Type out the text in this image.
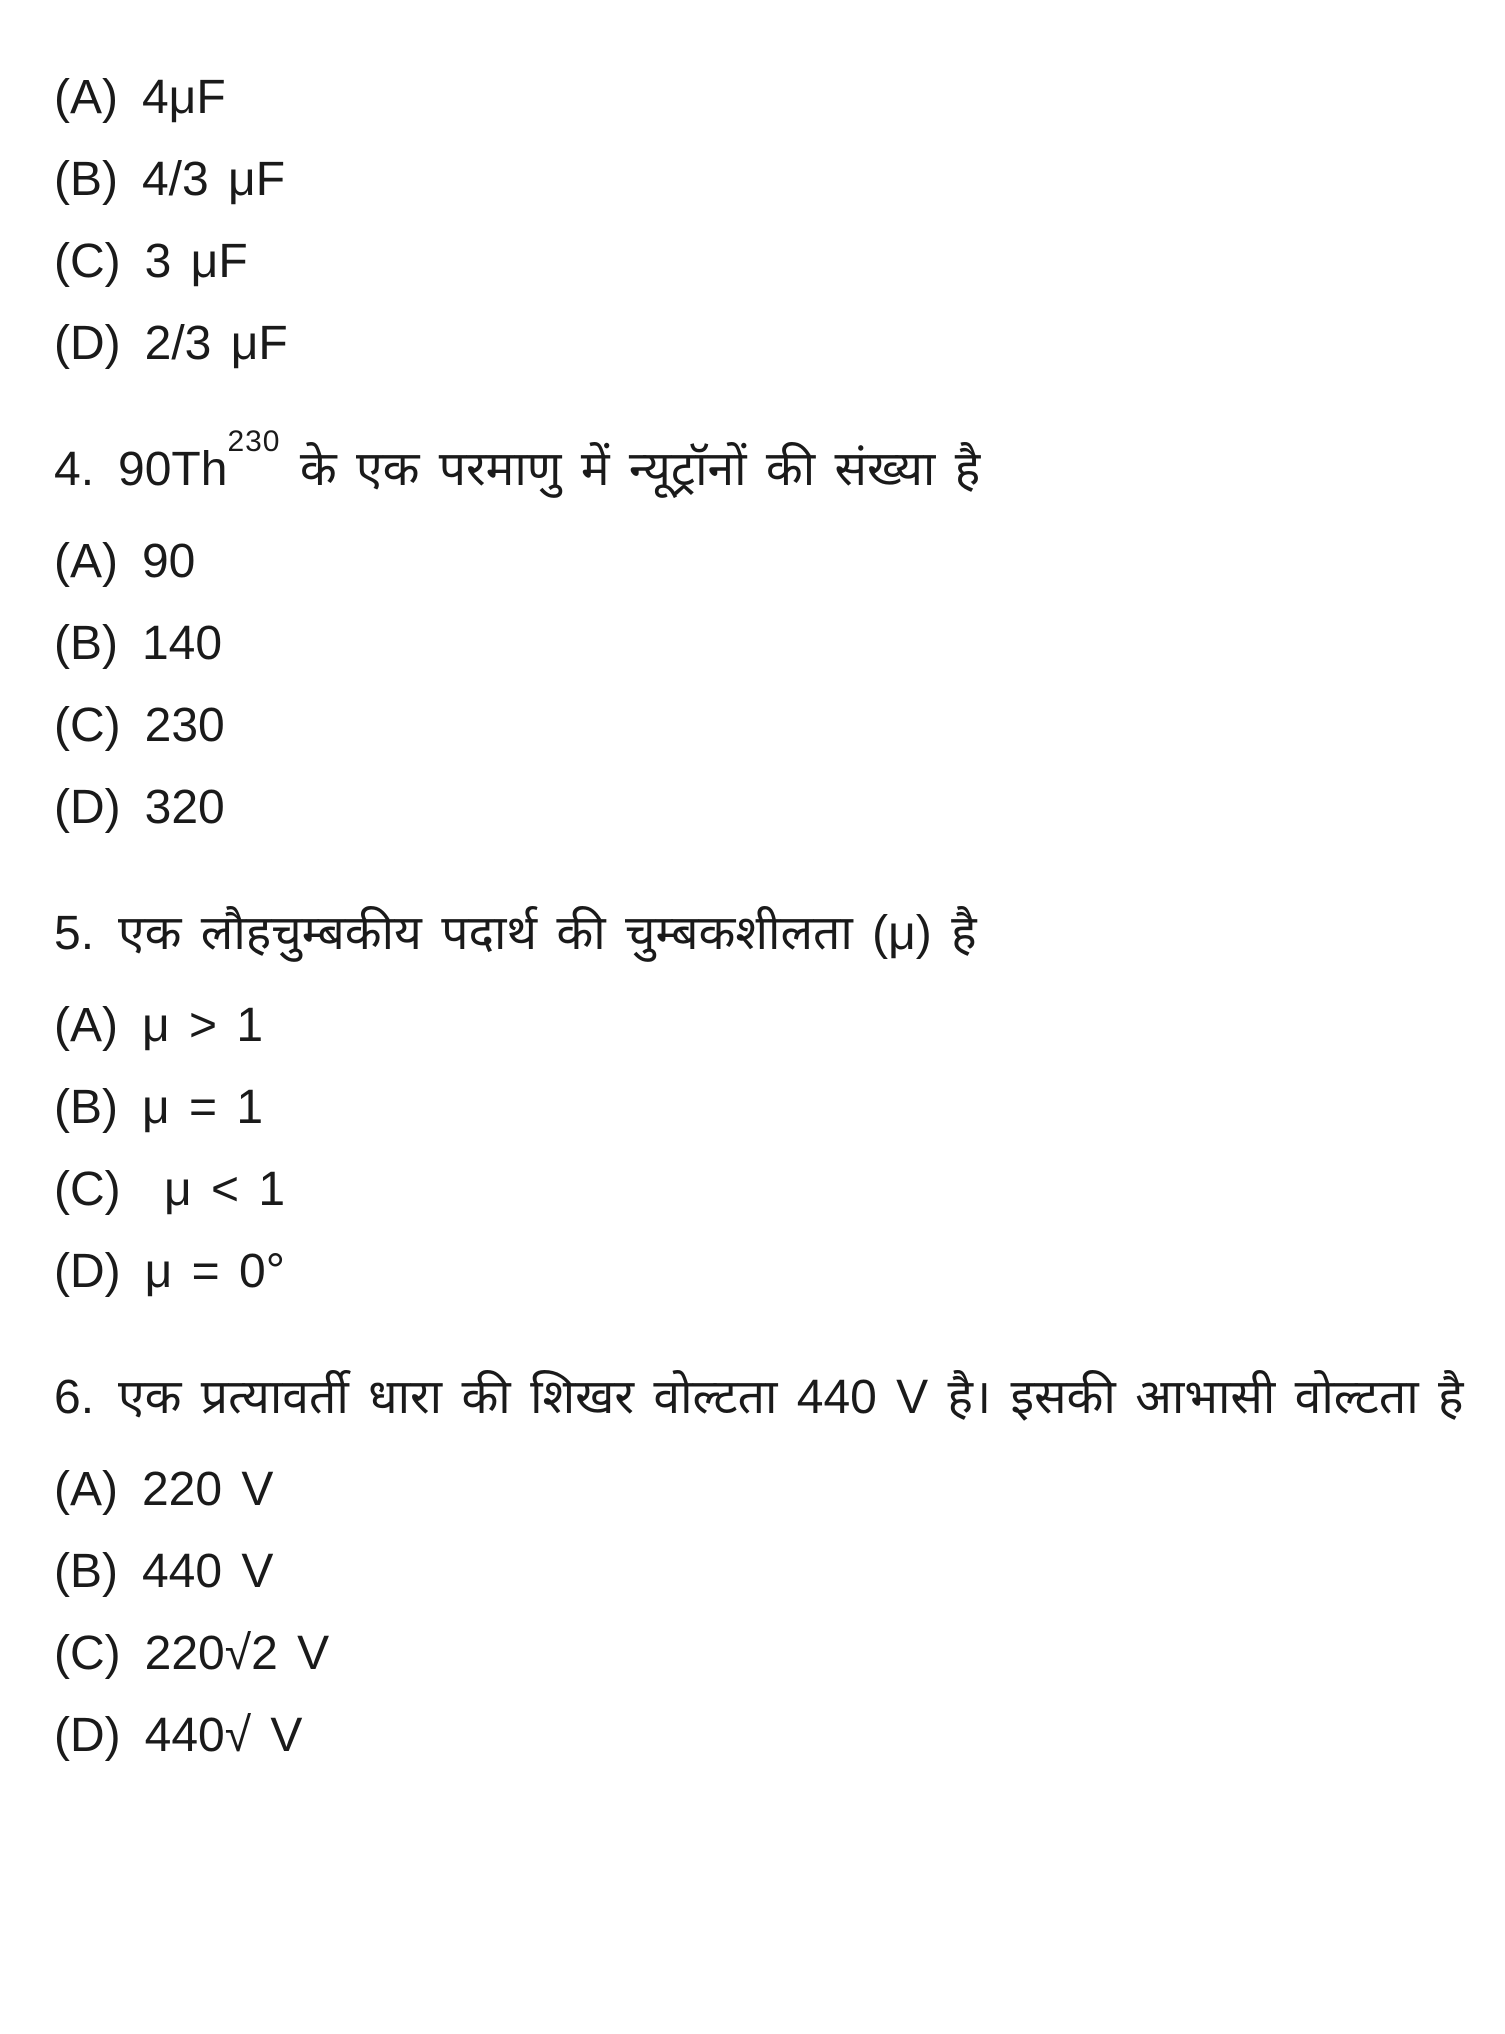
(A) 4μF
(B) 4/3 μF
(C) 3 μF
(D) 2/3 μF
4. 90Th$^{230}$ के एक परमाणु में न्यूट्रॉनों की संख्या है
(A) 90
(B) 140
(C) 230
(D) 320
5. एक लौहचुम्बकीय पदार्थ की चुम्बकशीलता (μ) है
(A) μ > 1
(B) μ = 1
(C) μ < 1
(D) μ = 0°
6. एक प्रत्यावर्ती धारा की शिखर वोल्टता 440 V है। इसकी आभासी वोल्टता है
(A) 220 V
(B) 440 V
(C) 220√2 V
(D) 440√ V
